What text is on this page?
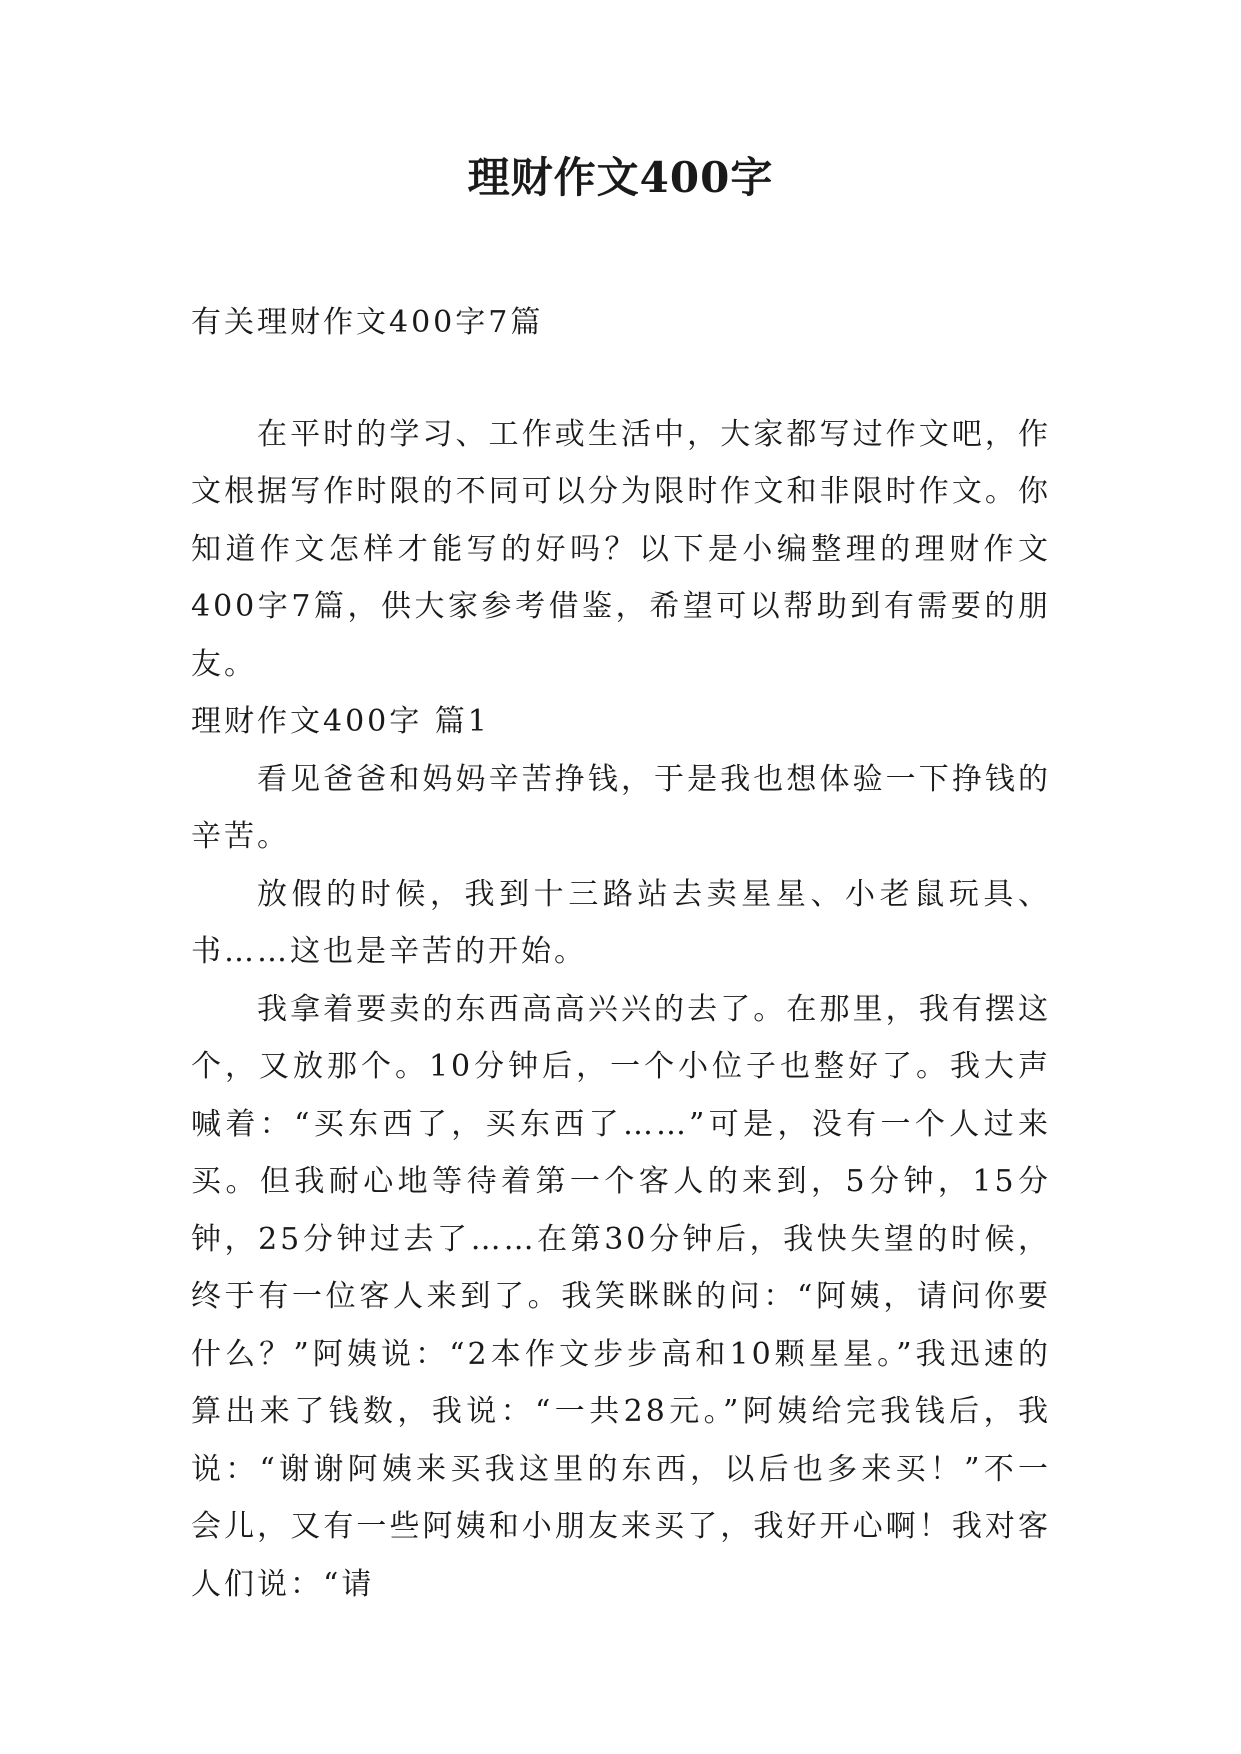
理财作文400字

有关理财作文400字7篇

在平时的学习、工作或生活中，大家都写过作文吧，作文根据写作时限的不同可以分为限时作文和非限时作文。你知道作文怎样才能写的好吗？以下是小编整理的理财作文400字7篇，供大家参考借鉴，希望可以帮助到有需要的朋友。

理财作文400字 篇1

看见爸爸和妈妈辛苦挣钱，于是我也想体验一下挣钱的辛苦。

放假的时候，我到十三路站去卖星星、小老鼠玩具、书……这也是辛苦的开始。

我拿着要卖的东西高高兴兴的去了。在那里，我有摆这个，又放那个。10分钟后，一个小位子也整好了。我大声喊着：“买东西了，买东西了……”可是，没有一个人过来买。但我耐心地等待着第一个客人的来到，5分钟，15分钟，25分钟过去了……在第30分钟后，我快失望的时候，终于有一位客人来到了。我笑眯眯的问：“阿姨，请问你要什么？”阿姨说：“2本作文步步高和10颗星星。”我迅速的算出来了钱数，我说：“一共28元。”阿姨给完我钱后，我说：“谢谢阿姨来买我这里的东西，以后也多来买！”不一会儿，又有一些阿姨和小朋友来买了，我好开心啊！我对客人们说：“请
